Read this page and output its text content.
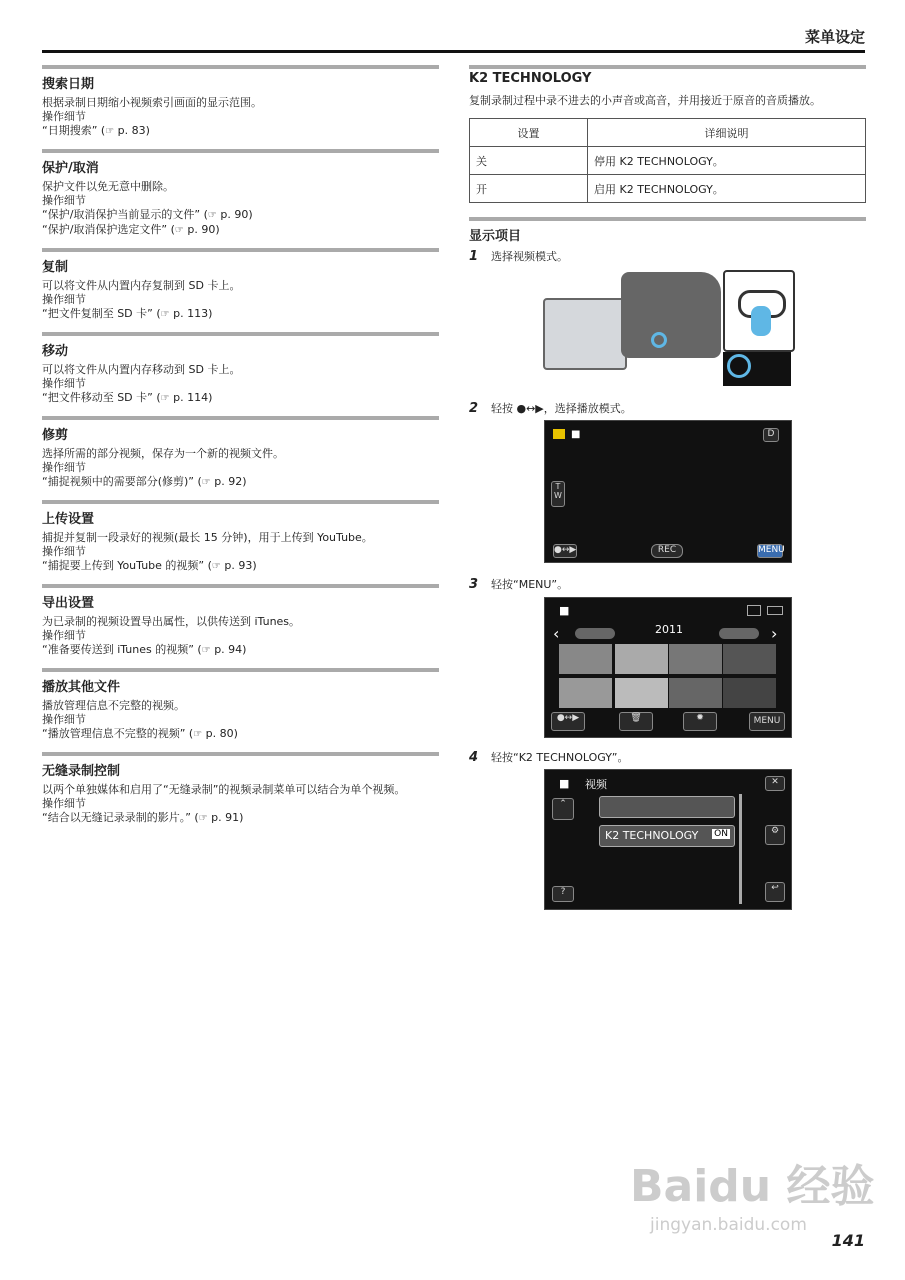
菜单设定
搜索日期
根据录制日期缩小视频索引画面的显示范围。
操作细节
“日期搜索” (☞ p. 83)
保护/取消
保护文件以免无意中删除。
操作细节
“保护/取消保护当前显示的文件” (☞ p. 90)
“保护/取消保护选定文件” (☞ p. 90)
复制
可以将文件从内置内存复制到 SD 卡上。
操作细节
“把文件复制至 SD 卡” (☞ p. 113)
移动
可以将文件从内置内存移动到 SD 卡上。
操作细节
“把文件移动至 SD 卡” (☞ p. 114)
修剪
选择所需的部分视频，保存为一个新的视频文件。
操作细节
“捕捉视频中的需要部分(修剪)” (☞ p. 92)
上传设置
捕捉并复制一段录好的视频(最长 15 分钟)，用于上传到 YouTube。
操作细节
“捕捉要上传到 YouTube 的视频” (☞ p. 93)
导出设置
为已录制的视频设置导出属性，以供传送到 iTunes。
操作细节
“准备要传送到 iTunes 的视频” (☞ p. 94)
播放其他文件
播放管理信息不完整的视频。
操作细节
“播放管理信息不完整的视频” (☞ p. 80)
无缝录制控制
以两个单独媒体和启用了“无缝录制”的视频录制菜单可以结合为单个视频。
操作细节
“结合以无缝记录录制的影片。” (☞ p. 91)
K2 TECHNOLOGY
复制录制过程中录不进去的小声音或高音，并用接近于原音的音质播放。
设置	详细说明
关	停用 K2 TECHNOLOGY。
开	启用 K2 TECHNOLOGY。
显示项目
1 选择视频模式。
2 轻按 ●↔▶，选择播放模式。
■	D
T W
●↔▶	REC	MENU
3 轻按“MENU”。
■
‹	›
2011
●↔▶	🗑	✹	MENU
4 轻按“K2 TECHNOLOGY”。
■ 视频	✕
⌃
K2 TECHNOLOGY ON	⚙
?	↩
Baidu 经验
jingyan.baidu.com
141
